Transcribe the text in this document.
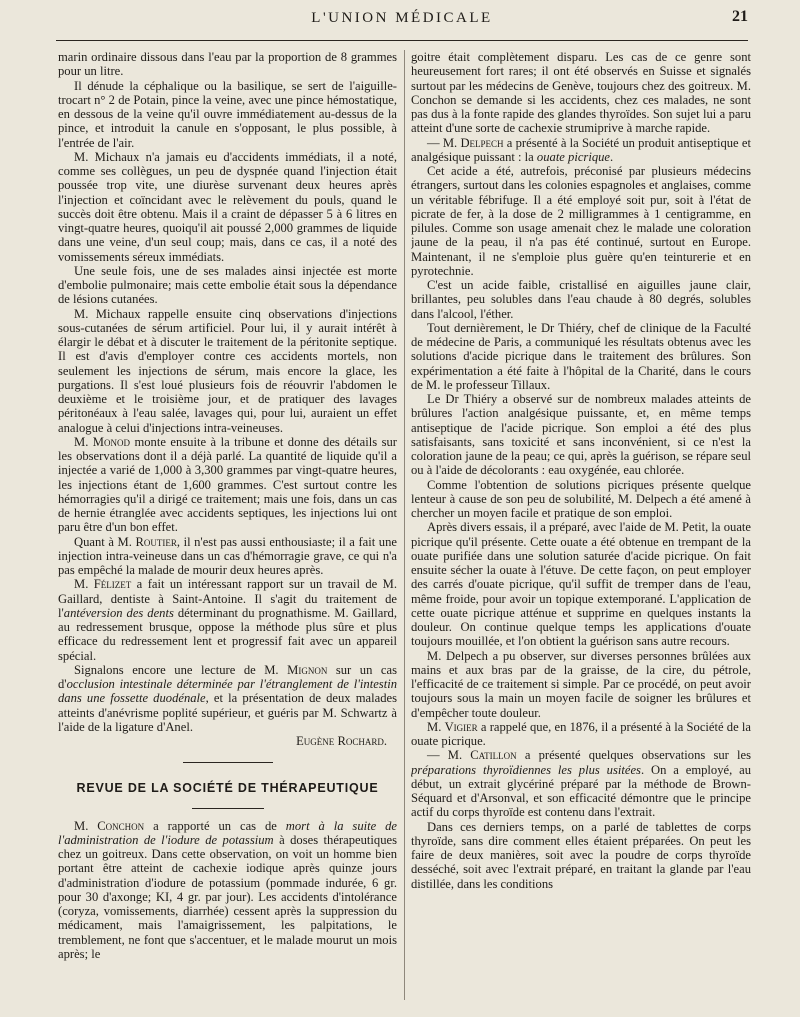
L'UNION MÉDICALE	21

marin ordinaire dissous dans l'eau par la proportion de 8 grammes pour un litre.

Il dénude la céphalique ou la basilique, se sert de l'aiguille-trocart n° 2 de Potain, pince la veine, avec une pince hémostatique, en dessous de la veine qu'il ouvre immédiatement au-dessus de la pince, et introduit la canule en s'opposant, le plus possible, à l'entrée de l'air.

M. Michaux n'a jamais eu d'accidents immédiats, il a noté, comme ses collègues, un peu de dyspnée quand l'injection était poussée trop vite, une diurèse survenant deux heures après l'injection et coïncidant avec le relèvement du pouls, quand le succès doit être obtenu. Mais il a craint de dépasser 5 à 6 litres en vingt-quatre heures, quoiqu'il ait poussé 2,000 grammes de liquide dans une veine, d'un seul coup; mais, dans ce cas, il a noté des vomissements séreux immédiats.

Une seule fois, une de ses malades ainsi injectée est morte d'embolie pulmonaire; mais cette embolie était sous la dépendance de lésions cutanées.

M. Michaux rappelle ensuite cinq observations d'injections sous-cutanées de sérum artificiel. Pour lui, il y aurait intérêt à élargir le débat et à discuter le traitement de la péritonite septique. Il est d'avis d'employer contre ces accidents mortels, non seulement les injections de sérum, mais encore la glace, les purgations. Il s'est loué plusieurs fois de réouvrir l'abdomen le deuxième et le troisième jour, et de pratiquer des lavages péritonéaux à l'eau salée, lavages qui, pour lui, auraient un effet analogue à celui d'injections intra-veineuses.

M. Monod monte ensuite à la tribune et donne des détails sur les observations dont il a déjà parlé. La quantité de liquide qu'il a injectée a varié de 1,000 à 3,300 grammes par vingt-quatre heures, les injections étant de 1,600 grammes. C'est surtout contre les hémorragies qu'il a dirigé ce traitement; mais une fois, dans un cas de hernie étranglée avec accidents septiques, les injections lui ont paru être d'un bon effet.

Quant à M. Routier, il n'est pas aussi enthousiaste; il a fait une injection intra-veineuse dans un cas d'hémorragie grave, ce qui n'a pas empêché la malade de mourir deux heures après.

M. Félizet a fait un intéressant rapport sur un travail de M. Gaillard, dentiste à Saint-Antoine. Il s'agit du traitement de l'antéversion des dents déterminant du prognathisme. M. Gaillard, au redressement brusque, oppose la méthode plus sûre et plus efficace du redressement lent et progressif fait avec un appareil spécial.

Signalons encore une lecture de M. Mignon sur un cas d'occlusion intestinale déterminée par l'étranglement de l'intestin dans une fossette duodénale, et la présentation de deux malades atteints d'anévrisme poplité supérieur, et guéris par M. Schwartz à l'aide de la ligature d'Anel.

Eugène Rochard.

REVUE DE LA SOCIÉTÉ DE THÉRAPEUTIQUE

M. Conchon a rapporté un cas de mort à la suite de l'administration de l'iodure de potassium à doses thérapeutiques chez un goitreux. Dans cette observation, on voit un homme bien portant être atteint de cachexie iodique après quinze jours d'administration d'iodure de potassium (pommade indurée, 6 gr. pour 30 d'axonge; KI, 4 gr. par jour). Les accidents d'intolérance (coryza, vomissements, diarrhée) cessent après la suppression du médicament, mais l'amaigrissement, les palpitations, le tremblement, ne font que s'accentuer, et le malade mourut un mois après; le

goitre était complètement disparu. Les cas de ce genre sont heureusement fort rares; il ont été observés en Suisse et signalés surtout par les médecins de Genève, toujours chez des goitreux. M. Conchon se demande si les accidents, chez ces malades, ne sont pas dus à la fonte rapide des glandes thyroïdes. Son sujet lui a paru atteint d'une sorte de cachexie strumiprive à marche rapide.

— M. Delpech a présenté à la Société un produit antiseptique et analgésique puissant : la ouate picrique.

Cet acide a été, autrefois, préconisé par plusieurs médecins étrangers, surtout dans les colonies espagnoles et anglaises, comme un véritable fébrifuge. Il a été employé soit pur, soit à l'état de picrate de fer, à la dose de 2 milligrammes à 1 centigramme, en pilules. Comme son usage amenait chez le malade une coloration jaune de la peau, il n'a pas été continué, surtout en Europe. Maintenant, il ne s'emploie plus guère qu'en teinturerie et en pyrotechnie.

C'est un acide faible, cristallisé en aiguilles jaune clair, brillantes, peu solubles dans l'eau chaude à 80 degrés, solubles dans l'alcool, l'éther.

Tout dernièrement, le Dr Thiéry, chef de clinique de la Faculté de médecine de Paris, a communiqué les résultats obtenus avec les solutions d'acide picrique dans le traitement des brûlures. Son expérimentation a été faite à l'hôpital de la Charité, dans le cours de M. le professeur Tillaux.

Le Dr Thiéry a observé sur de nombreux malades atteints de brûlures l'action analgésique puissante, et, en même temps antiseptique de l'acide picrique. Son emploi a été des plus satisfaisants, sans toxicité et sans inconvénient, si ce n'est la coloration jaune de la peau; ce qui, après la guérison, se répare seul ou à l'aide de décolorants : eau oxygénée, eau chlorée.

Comme l'obtention de solutions picriques présente quelque lenteur à cause de son peu de solubilité, M. Delpech a été amené à chercher un moyen facile et pratique de son emploi.

Après divers essais, il a préparé, avec l'aide de M. Petit, la ouate picrique qu'il présente. Cette ouate a été obtenue en trempant de la ouate purifiée dans une solution saturée d'acide picrique. On fait ensuite sécher la ouate à l'étuve. De cette façon, on peut employer des carrés d'ouate picrique, qu'il suffit de tremper dans de l'eau, même froide, pour avoir un topique extemporané. L'application de cette ouate picrique atténue et supprime en quelques instants la douleur. On continue quelque temps les applications d'ouate toujours mouillée, et l'on obtient la guérison sans autre recours.

M. Delpech a pu observer, sur diverses personnes brûlées aux mains et aux bras par de la graisse, de la cire, du pétrole, l'efficacité de ce traitement si simple. Par ce procédé, on peut avoir toujours sous la main un moyen facile de soigner les brûlures et d'empêcher toute douleur.

M. Vigier a rappelé que, en 1876, il a présenté à la Société de la ouate picrique.

— M. Catillon a présenté quelques observations sur les préparations thyroïdiennes les plus usitées. On a employé, au début, un extrait glycériné préparé par la méthode de Brown-Séquard et d'Arsonval, et son efficacité démontre que le principe actif du corps thyroïde est contenu dans l'extrait.

Dans ces derniers temps, on a parlé de tablettes de corps thyroïde, sans dire comment elles étaient préparées. On peut les faire de deux manières, soit avec la poudre de corps thyroïde desséché, soit avec l'extrait préparé, en traitant la glande par l'eau distillée, dans les conditions
